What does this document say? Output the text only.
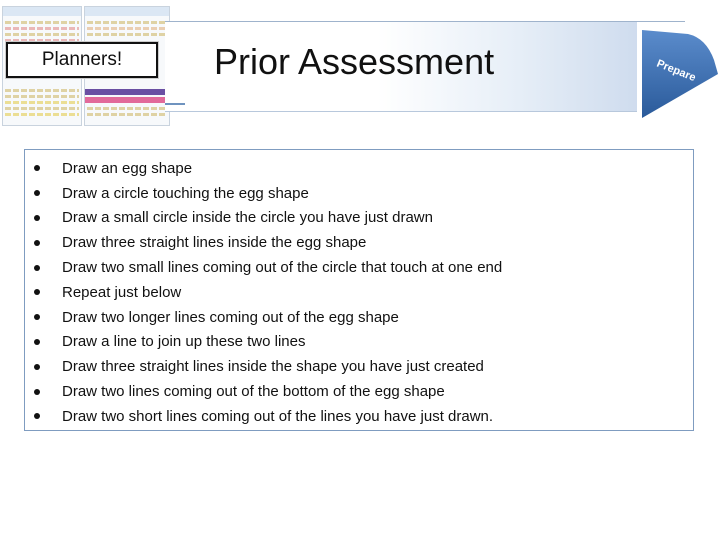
Planners!	Prior Assessment	Prepare
Draw an egg shape
Draw a circle touching the egg shape
Draw a small circle inside the circle you have just drawn
Draw three straight lines inside the egg shape
Draw two small lines coming out of the circle that touch at one end
Repeat just below
Draw two longer lines coming out of the egg shape
Draw a line to join up these two lines
Draw three straight lines inside the shape you have just created
Draw two lines coming out of the bottom of the egg shape
Draw two short lines coming out of the lines you have just drawn.
